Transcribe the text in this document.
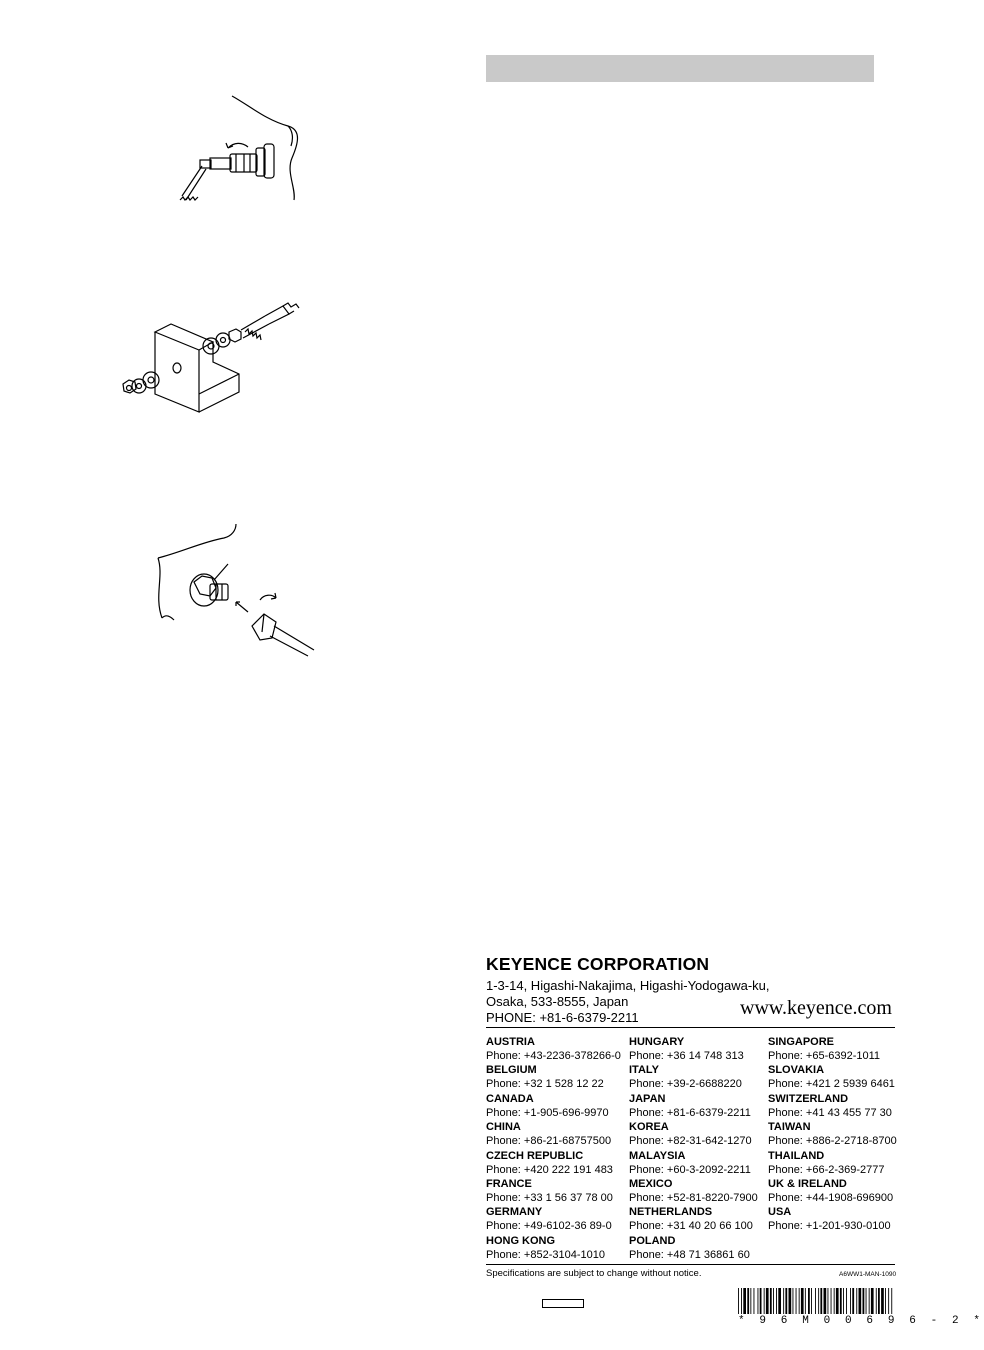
KEYENCE CORPORATION
1-3-14, Higashi-Nakajima, Higashi-Yodogawa-ku,
Osaka, 533-8555, Japan
PHONE: +81-6-6379-2211	www.keyence.com
AUSTRIA
Phone: +43-2236-378266-0
BELGIUM
Phone: +32 1 528 12 22
CANADA
Phone: +1-905-696-9970
CHINA
Phone: +86-21-68757500
CZECH REPUBLIC
Phone: +420 222 191 483
FRANCE
Phone: +33 1 56 37 78 00
GERMANY
Phone: +49-6102-36 89-0
HONG KONG
Phone: +852-3104-1010
HUNGARY
Phone: +36 14 748 313
ITALY
Phone: +39-2-6688220
JAPAN
Phone: +81-6-6379-2211
KOREA
Phone: +82-31-642-1270
MALAYSIA
Phone: +60-3-2092-2211
MEXICO
Phone: +52-81-8220-7900
NETHERLANDS
Phone: +31 40 20 66 100
POLAND
Phone: +48 71 36861 60
SINGAPORE
Phone: +65-6392-1011
SLOVAKIA
Phone: +421 2 5939 6461
SWITZERLAND
Phone: +41 43 455 77 30
TAIWAN
Phone: +886-2-2718-8700
THAILAND
Phone: +66-2-369-2777
UK & IRELAND
Phone: +44-1908-696900
USA
Phone: +1-201-930-0100
Specifications are subject to change without notice.	A6WW1-MAN-1090
* 9 6 M 0 0 6 9 6 - 2 *
